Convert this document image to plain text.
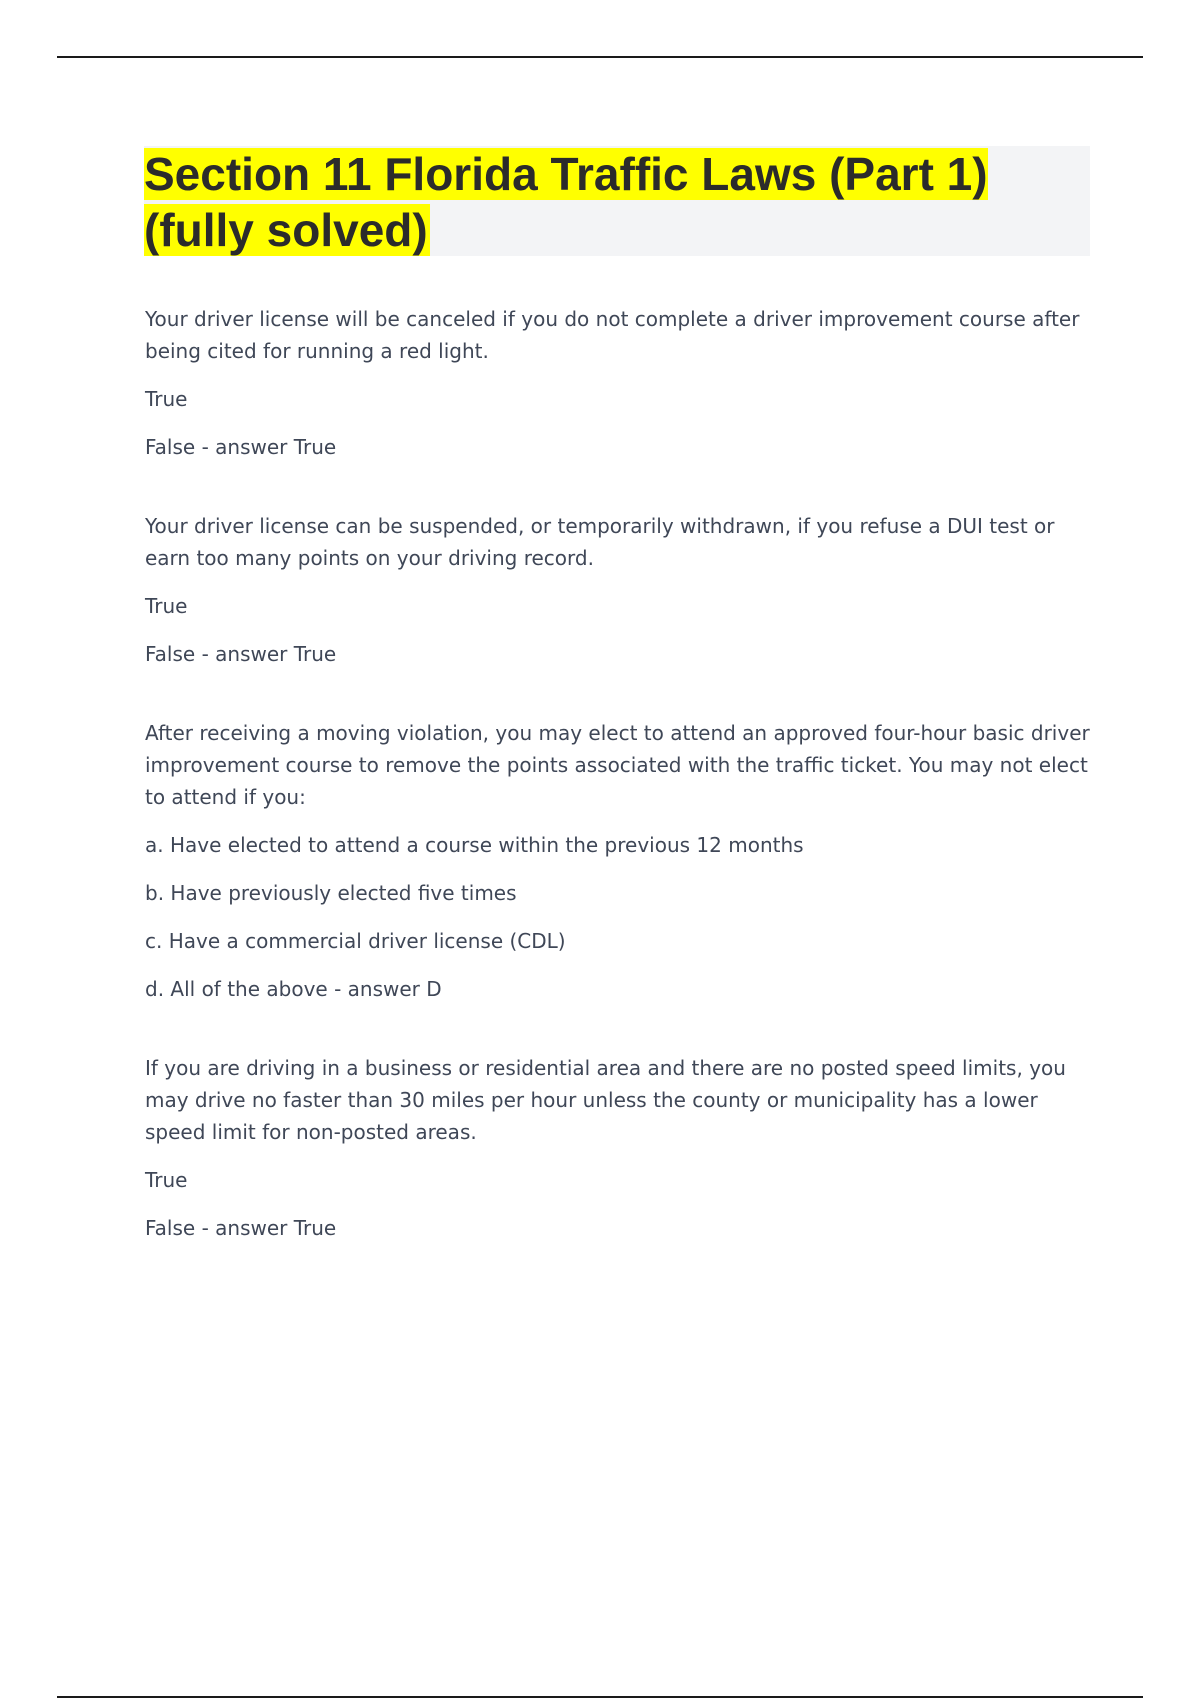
Section 11 Florida Traffic Laws (Part 1) (fully solved)

Your driver license will be canceled if you do not complete a driver improvement course after being cited for running a red light.

True

False - answer True

Your driver license can be suspended, or temporarily withdrawn, if you refuse a DUI test or earn too many points on your driving record.

True

False - answer True

After receiving a moving violation, you may elect to attend an approved four-hour basic driver improvement course to remove the points associated with the traffic ticket. You may not elect to attend if you:

a. Have elected to attend a course within the previous 12 months

b. Have previously elected five times

c. Have a commercial driver license (CDL)

d. All of the above - answer D

If you are driving in a business or residential area and there are no posted speed limits, you may drive no faster than 30 miles per hour unless the county or municipality has a lower speed limit for non-posted areas.

True

False - answer True
